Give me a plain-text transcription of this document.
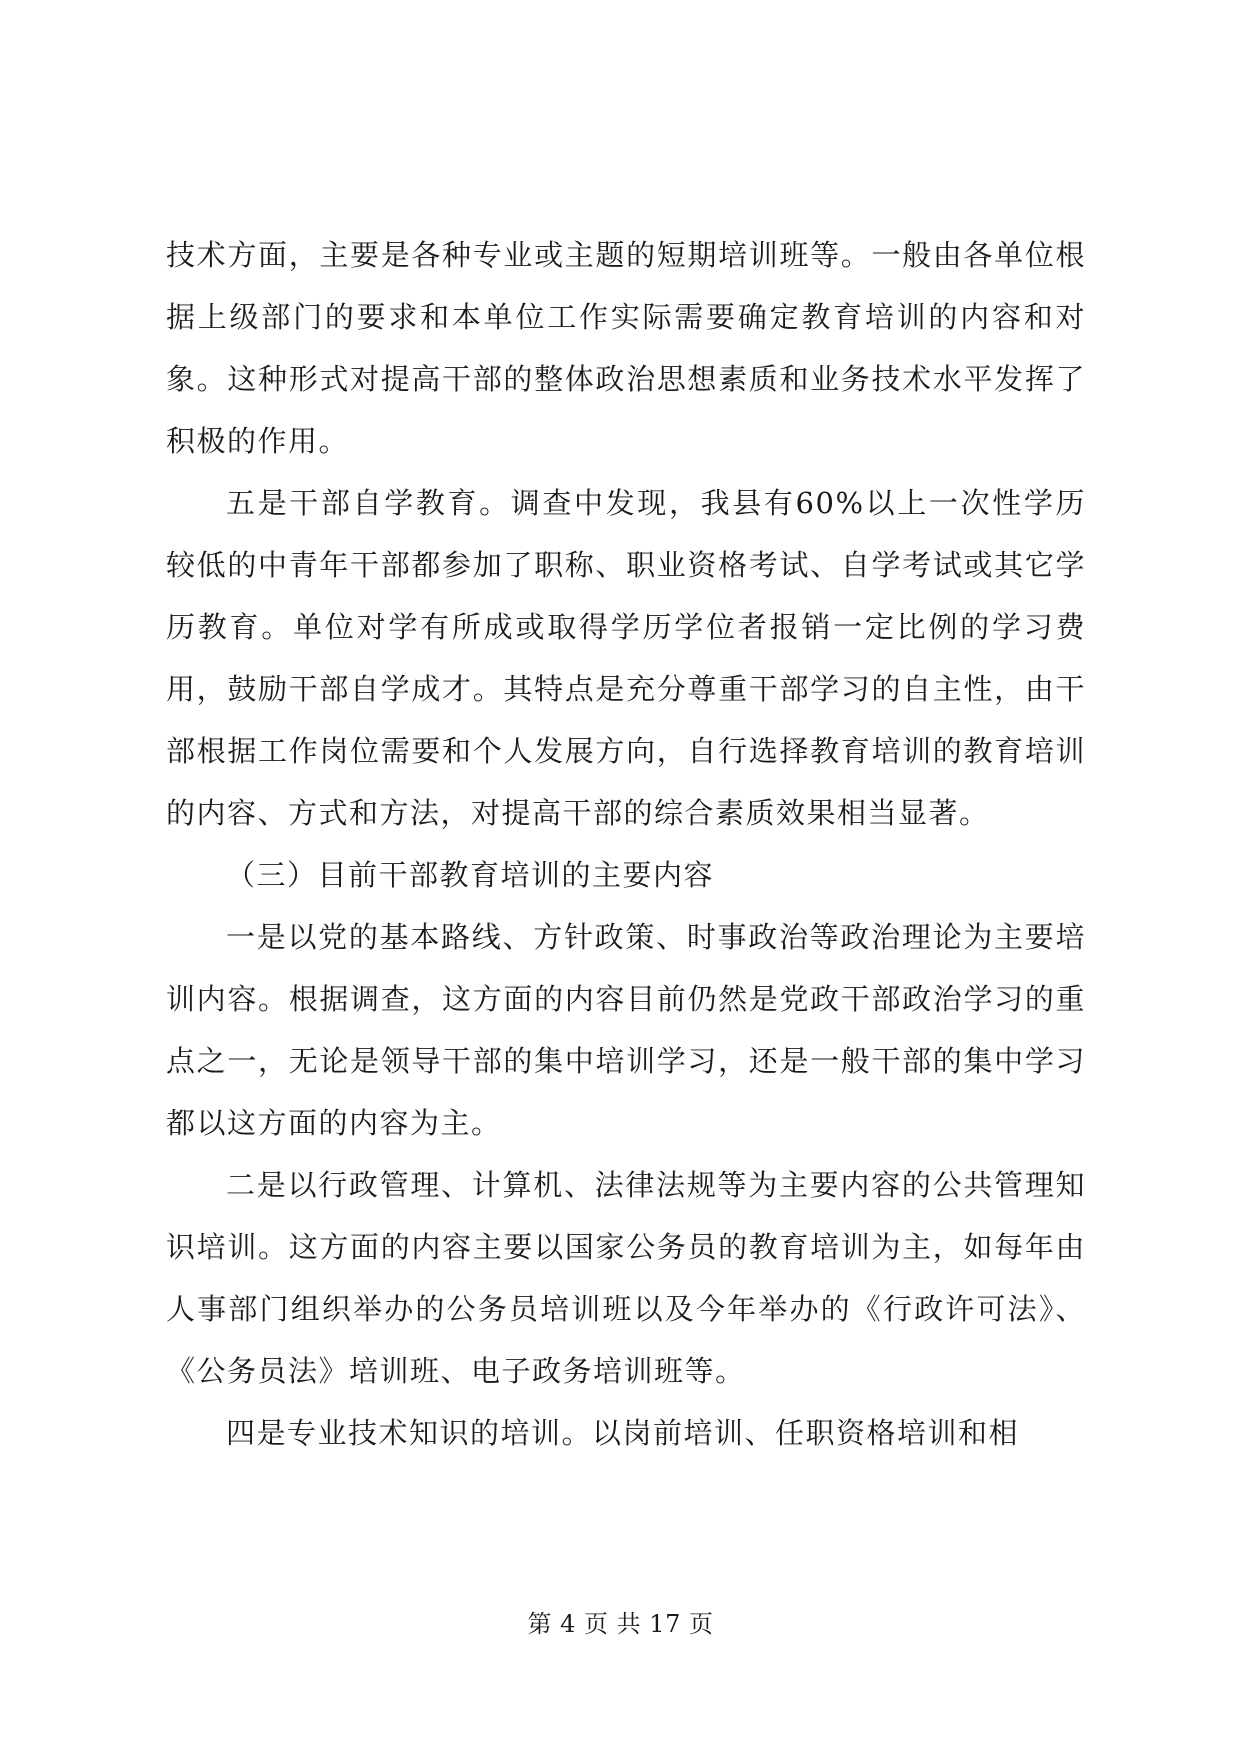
技术方面，主要是各种专业或主题的短期培训班等。一般由各单位根据上级部门的要求和本单位工作实际需要确定教育培训的内容和对象。这种形式对提高干部的整体政治思想素质和业务技术水平发挥了积极的作用。

五是干部自学教育。调查中发现，我县有60%以上一次性学历较低的中青年干部都参加了职称、职业资格考试、自学考试或其它学历教育。单位对学有所成或取得学历学位者报销一定比例的学习费用，鼓励干部自学成才。其特点是充分尊重干部学习的自主性，由干部根据工作岗位需要和个人发展方向，自行选择教育培训的教育培训的内容、方式和方法，对提高干部的综合素质效果相当显著。

（三）目前干部教育培训的主要内容

一是以党的基本路线、方针政策、时事政治等政治理论为主要培训内容。根据调查，这方面的内容目前仍然是党政干部政治学习的重点之一，无论是领导干部的集中培训学习，还是一般干部的集中学习都以这方面的内容为主。

二是以行政管理、计算机、法律法规等为主要内容的公共管理知识培训。这方面的内容主要以国家公务员的教育培训为主，如每年由人事部门组织举办的公务员培训班以及今年举办的《行政许可法》、《公务员法》培训班、电子政务培训班等。

四是专业技术知识的培训。以岗前培训、任职资格培训和相

第 4 页 共 17 页
